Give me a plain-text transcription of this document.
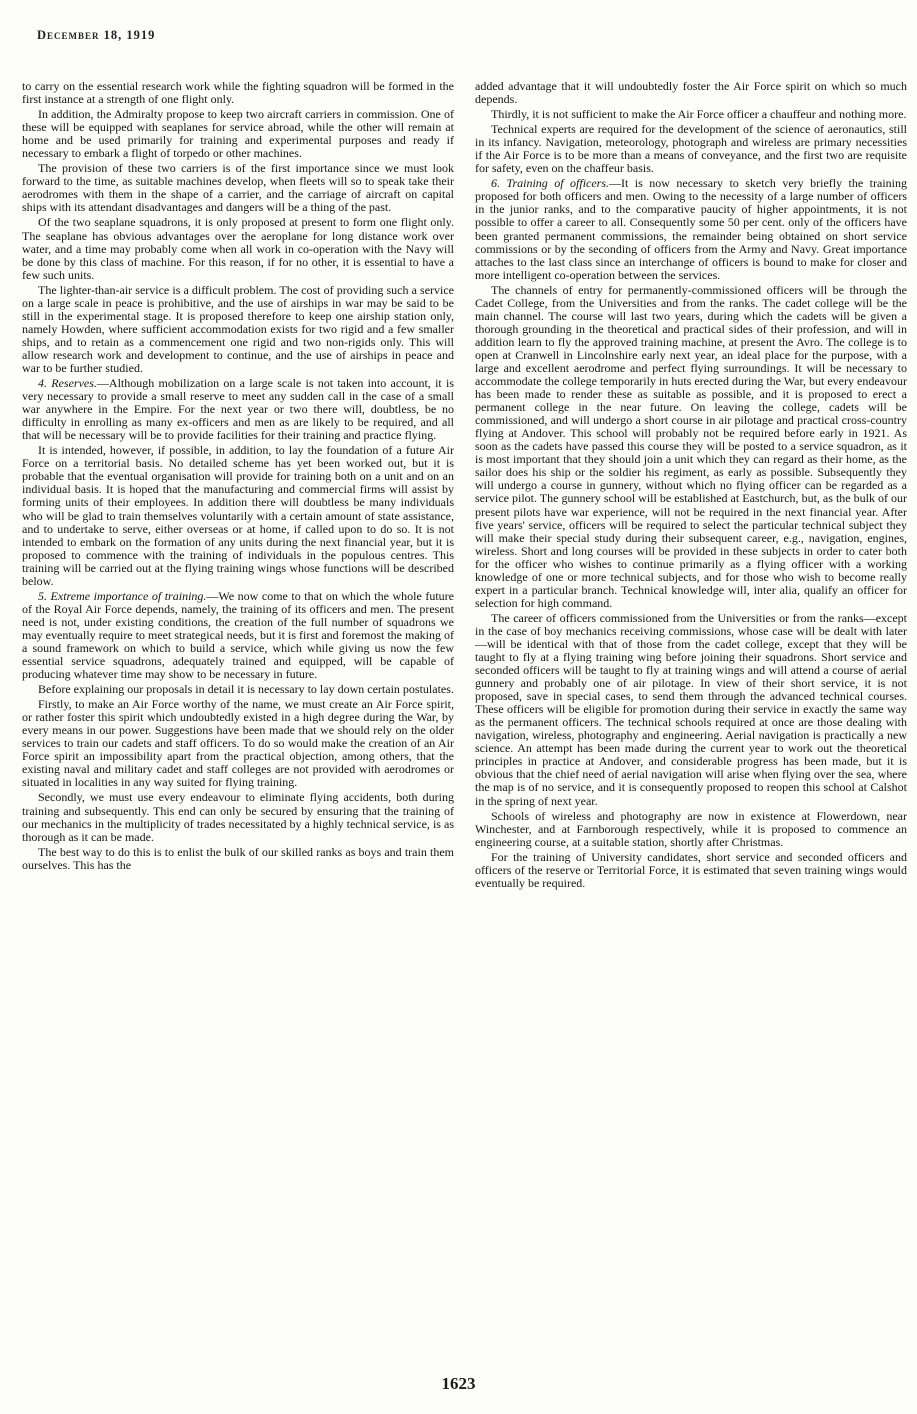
December 18, 1919

to carry on the essential research work while the fighting squadron will be formed in the first instance at a strength of one flight only.

In addition, the Admiralty propose to keep two aircraft carriers in commission. One of these will be equipped with seaplanes for service abroad, while the other will remain at home and be used primarily for training and experimental purposes and ready if necessary to embark a flight of torpedo or other machines.

The provision of these two carriers is of the first importance since we must look forward to the time, as suitable machines develop, when fleets will so to speak take their aerodromes with them in the shape of a carrier, and the carriage of aircraft on capital ships with its attendant disadvantages and dangers will be a thing of the past.

Of the two seaplane squadrons, it is only proposed at present to form one flight only. The seaplane has obvious advantages over the aeroplane for long distance work over water, and a time may probably come when all work in co-operation with the Navy will be done by this class of machine. For this reason, if for no other, it is essential to have a few such units.

The lighter-than-air service is a difficult problem. The cost of providing such a service on a large scale in peace is prohibitive, and the use of airships in war may be said to be still in the experimental stage. It is proposed therefore to keep one airship station only, namely Howden, where sufficient accommodation exists for two rigid and a few smaller ships, and to retain as a commencement one rigid and two non-rigids only. This will allow research work and development to continue, and the use of airships in peace and war to be further studied.

4. Reserves.—Although mobilization on a large scale is not taken into account, it is very necessary to provide a small reserve to meet any sudden call in the case of a small war anywhere in the Empire. For the next year or two there will, doubtless, be no difficulty in enrolling as many ex-officers and men as are likely to be required, and all that will be necessary will be to provide facilities for their training and practice flying.

It is intended, however, if possible, in addition, to lay the foundation of a future Air Force on a territorial basis. No detailed scheme has yet been worked out, but it is probable that the eventual organisation will provide for training both on a unit and on an individual basis. It is hoped that the manufacturing and commercial firms will assist by forming units of their employees. In addition there will doubtless be many individuals who will be glad to train themselves voluntarily with a certain amount of state assistance, and to undertake to serve, either overseas or at home, if called upon to do so. It is not intended to embark on the formation of any units during the next financial year, but it is proposed to commence with the training of individuals in the populous centres. This training will be carried out at the flying training wings whose functions will be described below.

5. Extreme importance of training.—We now come to that on which the whole future of the Royal Air Force depends, namely, the training of its officers and men. The present need is not, under existing conditions, the creation of the full number of squadrons we may eventually require to meet strategical needs, but it is first and foremost the making of a sound framework on which to build a service, which while giving us now the few essential service squadrons, adequately trained and equipped, will be capable of producing whatever time may show to be necessary in future.

Before explaining our proposals in detail it is necessary to lay down certain postulates.

Firstly, to make an Air Force worthy of the name, we must create an Air Force spirit, or rather foster this spirit which undoubtedly existed in a high degree during the War, by every means in our power. Suggestions have been made that we should rely on the older services to train our cadets and staff officers. To do so would make the creation of an Air Force spirit an impossibility apart from the practical objection, among others, that the existing naval and military cadet and staff colleges are not provided with aerodromes or situated in localities in any way suited for flying training.

Secondly, we must use every endeavour to eliminate flying accidents, both during training and subsequently. This end can only be secured by ensuring that the training of our mechanics in the multiplicity of trades necessitated by a highly technical service, is as thorough as it can be made.

The best way to do this is to enlist the bulk of our skilled ranks as boys and train them ourselves. This has the

added advantage that it will undoubtedly foster the Air Force spirit on which so much depends.

Thirdly, it is not sufficient to make the Air Force officer a chauffeur and nothing more.

Technical experts are required for the development of the science of aeronautics, still in its infancy. Navigation, meteorology, photograph and wireless are primary necessities if the Air Force is to be more than a means of conveyance, and the first two are requisite for safety, even on the chaffeur basis.

6. Training of officers.—It is now necessary to sketch very briefly the training proposed for both officers and men. Owing to the necessity of a large number of officers in the junior ranks, and to the comparative paucity of higher appointments, it is not possible to offer a career to all. Consequently some 50 per cent. only of the officers have been granted permanent commissions, the remainder being obtained on short service commissions or by the seconding of officers from the Army and Navy. Great importance attaches to the last class since an interchange of officers is bound to make for closer and more intelligent co-operation between the services.

The channels of entry for permanently-commissioned officers will be through the Cadet College, from the Universities and from the ranks. The cadet college will be the main channel. The course will last two years, during which the cadets will be given a thorough grounding in the theoretical and practical sides of their profession, and will in addition learn to fly the approved training machine, at present the Avro. The college is to open at Cranwell in Lincolnshire early next year, an ideal place for the purpose, with a large and excellent aerodrome and perfect flying surroundings. It will be necessary to accommodate the college temporarily in huts erected during the War, but every endeavour has been made to render these as suitable as possible, and it is proposed to erect a permanent college in the near future. On leaving the college, cadets will be commissioned, and will undergo a short course in air pilotage and practical cross-country flying at Andover. This school will probably not be required before early in 1921. As soon as the cadets have passed this course they will be posted to a service squadron, as it is most important that they should join a unit which they can regard as their home, as the sailor does his ship or the soldier his regiment, as early as possible. Subsequently they will undergo a course in gunnery, without which no flying officer can be regarded as a service pilot. The gunnery school will be established at Eastchurch, but, as the bulk of our present pilots have war experience, will not be required in the next financial year. After five years' service, officers will be required to select the particular technical subject they will make their special study during their subsequent career, e.g., navigation, engines, wireless. Short and long courses will be provided in these subjects in order to cater both for the officer who wishes to continue primarily as a flying officer with a working knowledge of one or more technical subjects, and for those who wish to become really expert in a particular branch. Technical knowledge will, inter alia, qualify an officer for selection for high command.

The career of officers commissioned from the Universities or from the ranks—except in the case of boy mechanics receiving commissions, whose case will be dealt with later—will be identical with that of those from the cadet college, except that they will be taught to fly at a flying training wing before joining their squadrons. Short service and seconded officers will be taught to fly at training wings and will attend a course of aerial gunnery and probably one of air pilotage. In view of their short service, it is not proposed, save in special cases, to send them through the advanced technical courses. These officers will be eligible for promotion during their service in exactly the same way as the permanent officers. The technical schools required at once are those dealing with navigation, wireless, photography and engineering. Aerial navigation is practically a new science. An attempt has been made during the current year to work out the theoretical principles in practice at Andover, and considerable progress has been made, but it is obvious that the chief need of aerial navigation will arise when flying over the sea, where the map is of no service, and it is consequently proposed to reopen this school at Calshot in the spring of next year.

Schools of wireless and photography are now in existence at Flowerdown, near Winchester, and at Farnborough respectively, while it is proposed to commence an engineering course, at a suitable station, shortly after Christmas.

For the training of University candidates, short service and seconded officers and officers of the reserve or Territorial Force, it is estimated that seven training wings would eventually be required.

1623
